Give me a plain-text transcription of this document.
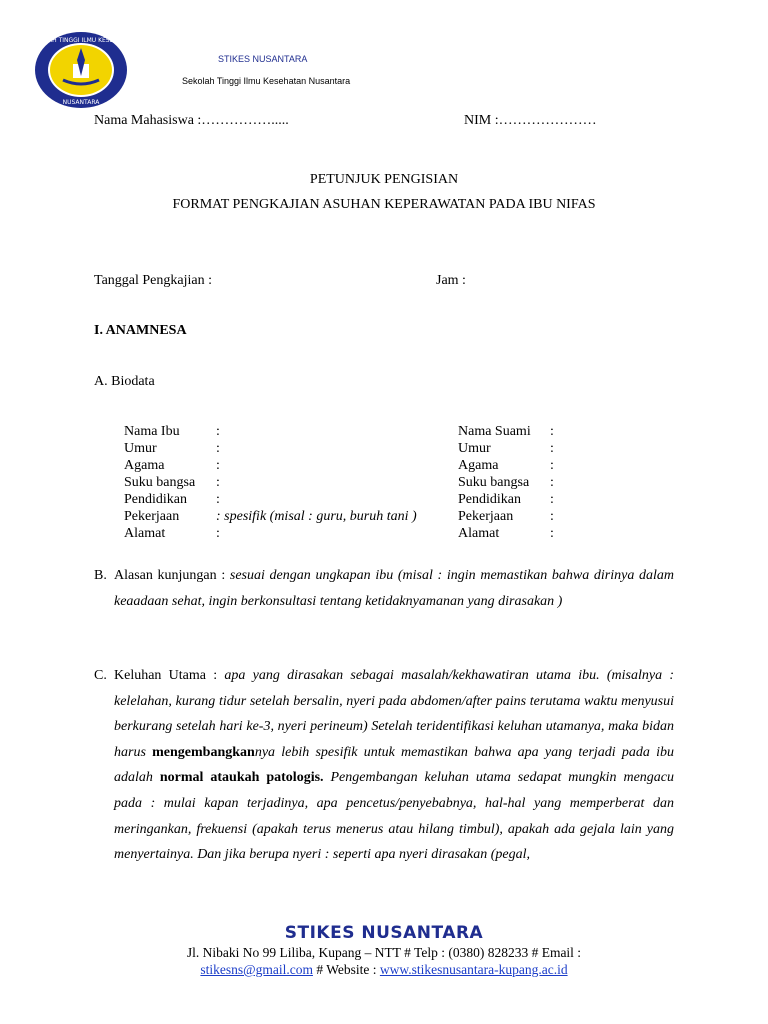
SEKOLAH TINGGI ILMU KESEHATAN
NUSANTARA
STIKES NUSANTARA
Sekolah Tinggi Ilmu Kesehatan Nusantara
Nama Mahasiswa :…………….....	NIM :…………………
PETUNJUK PENGISIAN
FORMAT PENGKAJIAN ASUHAN KEPERAWATAN PADA IBU NIFAS
Tanggal Pengkajian :	Jam :
I. ANAMNESA
A. Biodata
Nama Ibu	:
Umur	:
Agama	:
Suku bangsa	:
Pendidikan	:
Pekerjaan	: spesifik (misal : guru, buruh tani )
Alamat	:
Nama Suami	:
Umur	:
Agama	:
Suku bangsa	:
Pendidikan	:
Pekerjaan	:
Alamat	:
B. Alasan kunjungan : sesuai dengan ungkapan ibu (misal : ingin memastikan bahwa dirinya dalam keaadaan sehat, ingin berkonsultasi tentang ketidaknyamanan yang dirasakan )
C. Keluhan Utama : apa yang dirasakan sebagai masalah/kekhawatiran utama ibu. (misalnya : kelelahan, kurang tidur setelah bersalin, nyeri pada abdomen/after pains terutama waktu menyusui berkurang setelah hari ke-3, nyeri perineum) Setelah teridentifikasi keluhan utamanya, maka bidan harus mengembangkannya lebih spesifik untuk memastikan bahwa apa yang terjadi pada ibu adalah normal ataukah patologis. Pengembangan keluhan utama sedapat mungkin mengacu pada : mulai kapan terjadinya, apa pencetus/penyebabnya, hal-hal yang memperberat dan meringankan, frekuensi (apakah terus menerus atau hilang timbul), apakah ada gejala lain yang menyertainya. Dan jika berupa nyeri : seperti apa nyeri dirasakan (pegal,
STIKES NUSANTARA
Jl. Nibaki No 99 Liliba, Kupang – NTT # Telp : (0380) 828233 # Email :
stikesns@gmail.com # Website : www.stikesnusantara-kupang.ac.id
